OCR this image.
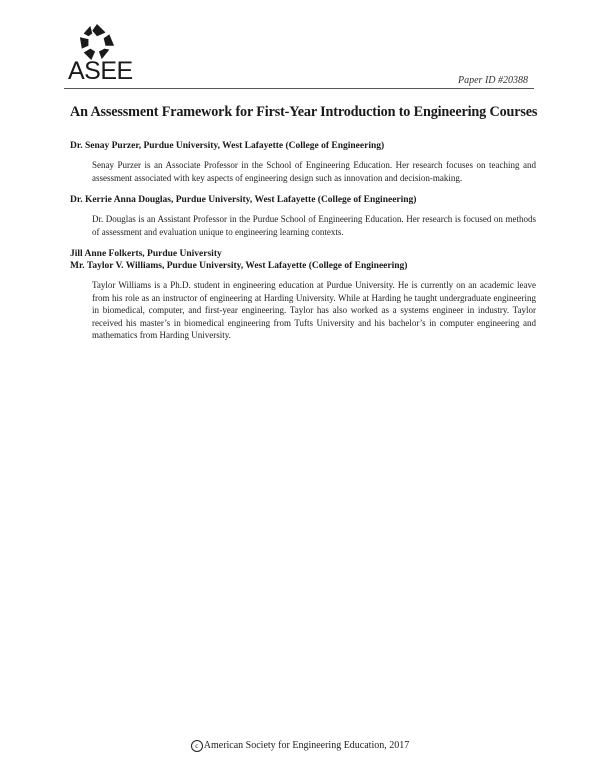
ASEE	Paper ID #20388
An Assessment Framework for First-Year Introduction to Engineering Courses

Dr. Senay Purzer, Purdue University, West Lafayette (College of Engineering)

Senay Purzer is an Associate Professor in the School of Engineering Education. Her research focuses on teaching and assessment associated with key aspects of engineering design such as innovation and decision-making.

Dr. Kerrie Anna Douglas, Purdue University, West Lafayette (College of Engineering)

Dr. Douglas is an Assistant Professor in the Purdue School of Engineering Education. Her research is focused on methods of assessment and evaluation unique to engineering learning contexts.

Jill Anne Folkerts, Purdue University

Mr. Taylor V. Williams, Purdue University, West Lafayette (College of Engineering)

Taylor Williams is a Ph.D. student in engineering education at Purdue University. He is currently on an academic leave from his role as an instructor of engineering at Harding University. While at Harding he taught undergraduate engineering in biomedical, computer, and first-year engineering. Taylor has also worked as a systems engineer in industry. Taylor received his master’s in biomedical engineering from Tufts University and his bachelor’s in computer engineering and mathematics from Harding University.

c American Society for Engineering Education, 2017
